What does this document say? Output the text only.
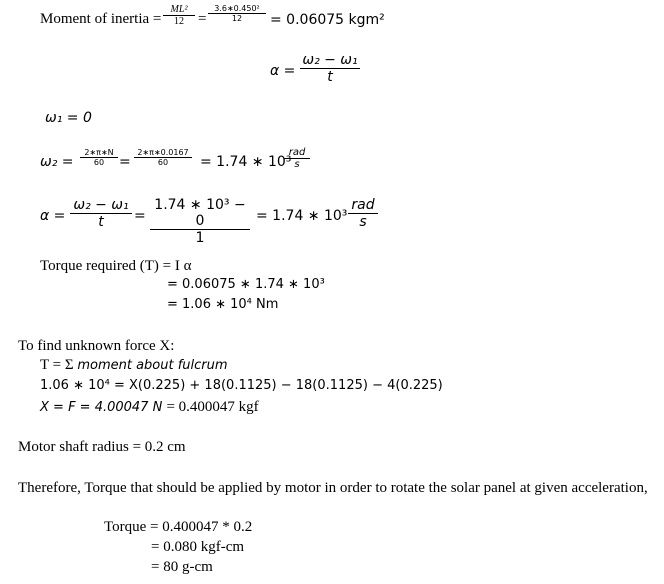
Moment of inertia =
ML²
12 =
3.6∗0.450²
12	= 0.06075 kgm²
α =
ω₂ − ω₁
t
ω₁ = 0
ω₂ =
2∗π∗N
60	=
2∗π∗0.0167
60	= 1.74 ∗ 10³
rad
s
α =
ω₂ − ω₁
t	=
1.74 ∗ 10³ − 0
1
= 1.74 ∗ 10³
rad
s
Torque required (T) = I α
= 0.06075 ∗ 1.74 ∗ 10³
= 1.06 ∗ 10⁴ Nm
To find unknown force X:
T = Σ moment about fulcrum
1.06 ∗ 10⁴ = X(0.225) + 18(0.1125) − 18(0.1125) − 4(0.225)
X = F = 4.00047 N = 0.400047 kgf
Motor shaft radius = 0.2 cm
Therefore, Torque that should be applied by motor in order to rotate the solar panel at given acceleration,
Torque = 0.400047 * 0.2
= 0.080 kgf-cm
= 80 g-cm
